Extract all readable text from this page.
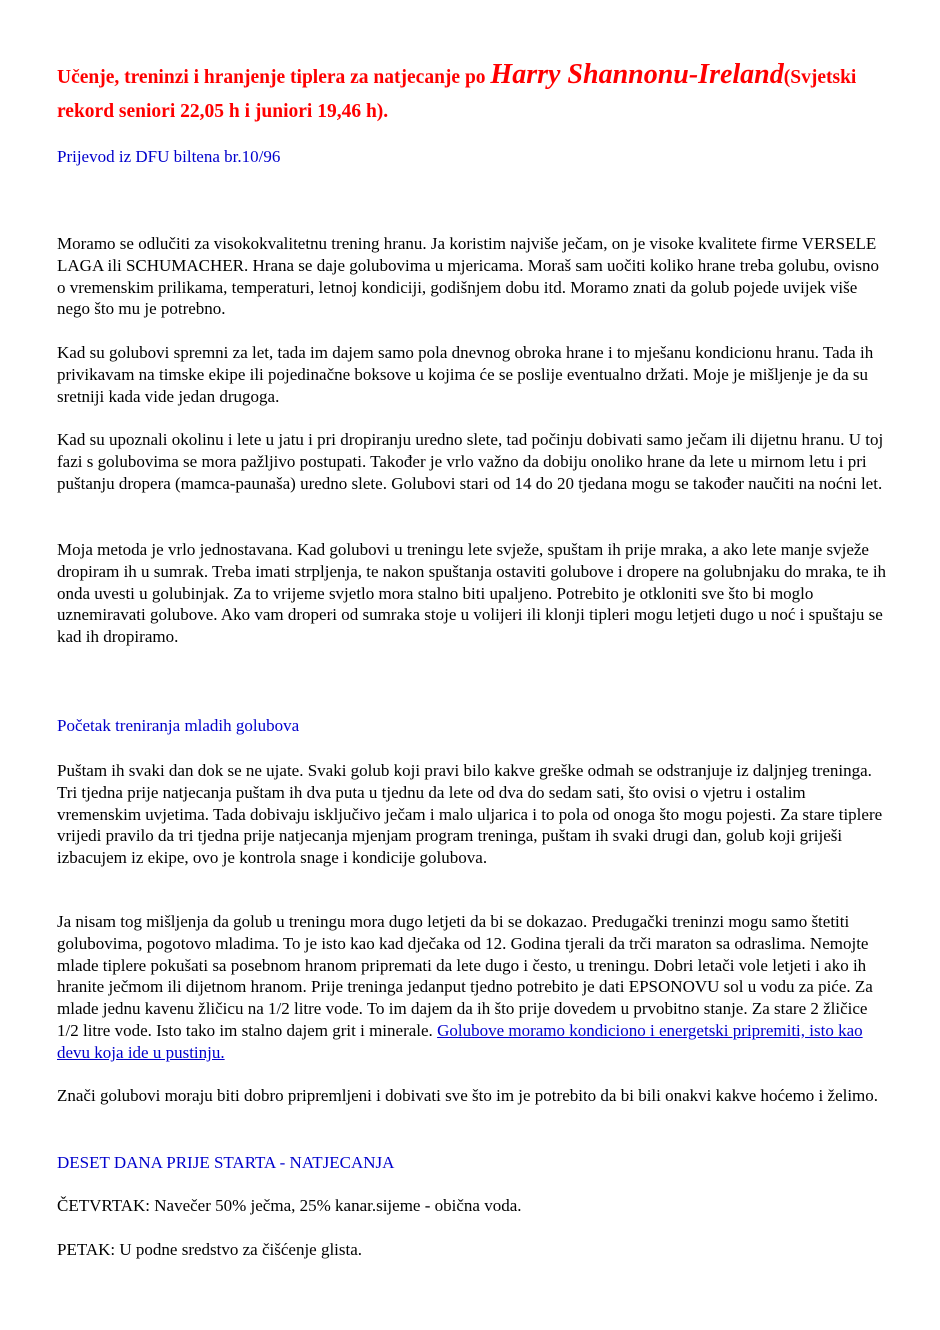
Učenje, treninzi i hranjenje tiplera za natjecanje po Harry Shannonu-Ireland(Svjetski rekord seniori 22,05 h i juniori 19,46 h).

Prijevod iz DFU biltena br.10/96

Moramo se odlučiti za visokokvalitetnu trening hranu. Ja koristim najviše ječam, on je visoke kvalitete firme VERSELE LAGA ili SCHUMACHER. Hrana se daje golubovima u mjericama. Moraš sam uočiti koliko hrane treba golubu, ovisno o vremenskim prilikama, temperaturi, letnoj kondiciji, godišnjem dobu itd. Moramo znati da golub pojede uvijek više nego što mu je potrebno.

Kad su golubovi spremni za let, tada im dajem samo pola dnevnog obroka hrane i to mješanu kondicionu hranu. Tada ih privikavam na timske ekipe ili pojedinačne boksove u kojima će se poslije eventualno držati. Moje je mišljenje je da su sretniji kada vide jedan drugoga.

Kad su upoznali okolinu i lete u jatu i pri dropiranju uredno slete, tad počinju dobivati samo ječam ili dijetnu hranu. U toj fazi s golubovima se mora pažljivo postupati. Također je vrlo važno da dobiju onoliko hrane da lete u mirnom letu i pri puštanju dropera (mamca-paunaša) uredno slete. Golubovi stari od 14 do 20 tjedana mogu se također naučiti na noćni let.

Moja metoda je vrlo jednostavana. Kad golubovi u treningu lete svježe, spuštam ih prije mraka, a ako lete manje svježe dropiram ih u sumrak. Treba imati strpljenja, te nakon spuštanja ostaviti golubove i dropere na golubnjaku do mraka, te ih onda uvesti u golubinjak. Za to vrijeme svjetlo mora stalno biti upaljeno. Potrebito je otkloniti sve što bi moglo uznemiravati golubove. Ako vam droperi od sumraka stoje u volijeri ili klonji tipleri mogu letjeti dugo u noć i spuštaju se kad ih dropiramo.

Početak treniranja mladih golubova

Puštam ih svaki dan dok se ne ujate. Svaki golub koji pravi bilo kakve greške odmah se odstranjuje iz daljnjeg treninga. Tri tjedna prije natjecanja puštam ih dva puta u tjednu da lete od dva do sedam sati, što ovisi o vjetru i ostalim vremenskim uvjetima. Tada dobivaju isključivo ječam i malo uljarica i to pola od onoga što mogu pojesti. Za stare tiplere vrijedi pravilo da tri tjedna prije natjecanja mjenjam program treninga, puštam ih svaki drugi dan, golub koji griješi izbacujem iz ekipe, ovo je kontrola snage i kondicije golubova.

Ja nisam tog mišljenja da golub u treningu mora dugo letjeti da bi se dokazao. Predugački treninzi mogu samo štetiti golubovima, pogotovo mladima. To je isto kao kad dječaka od 12. Godina tjerali da trči maraton sa odraslima. Nemojte mlade tiplere pokušati sa posebnom hranom pripremati da lete dugo i često, u treningu. Dobri letači vole letjeti i ako ih hranite ječmom ili dijetnom hranom. Prije treninga jedanput tjedno potrebito je dati EPSONOVU sol u vodu za piće. Za mlade jednu kavenu žličicu na 1/2 litre vode. To im dajem da ih što prije dovedem u prvobitno stanje. Za stare 2 žličice 1/2 litre vode. Isto tako im stalno dajem grit i minerale. Golubove moramo kondiciono i energetski pripremiti, isto kao devu koja ide u pustinju.

Znači golubovi moraju biti dobro pripremljeni i dobivati sve što im je potrebito da bi bili onakvi kakve hoćemo i želimo.

DESET DANA PRIJE STARTA - NATJECANJA

ČETVRTAK: Navečer 50% ječma, 25% kanar.sijeme - obična voda.

PETAK: U podne sredstvo za čišćenje glista.
